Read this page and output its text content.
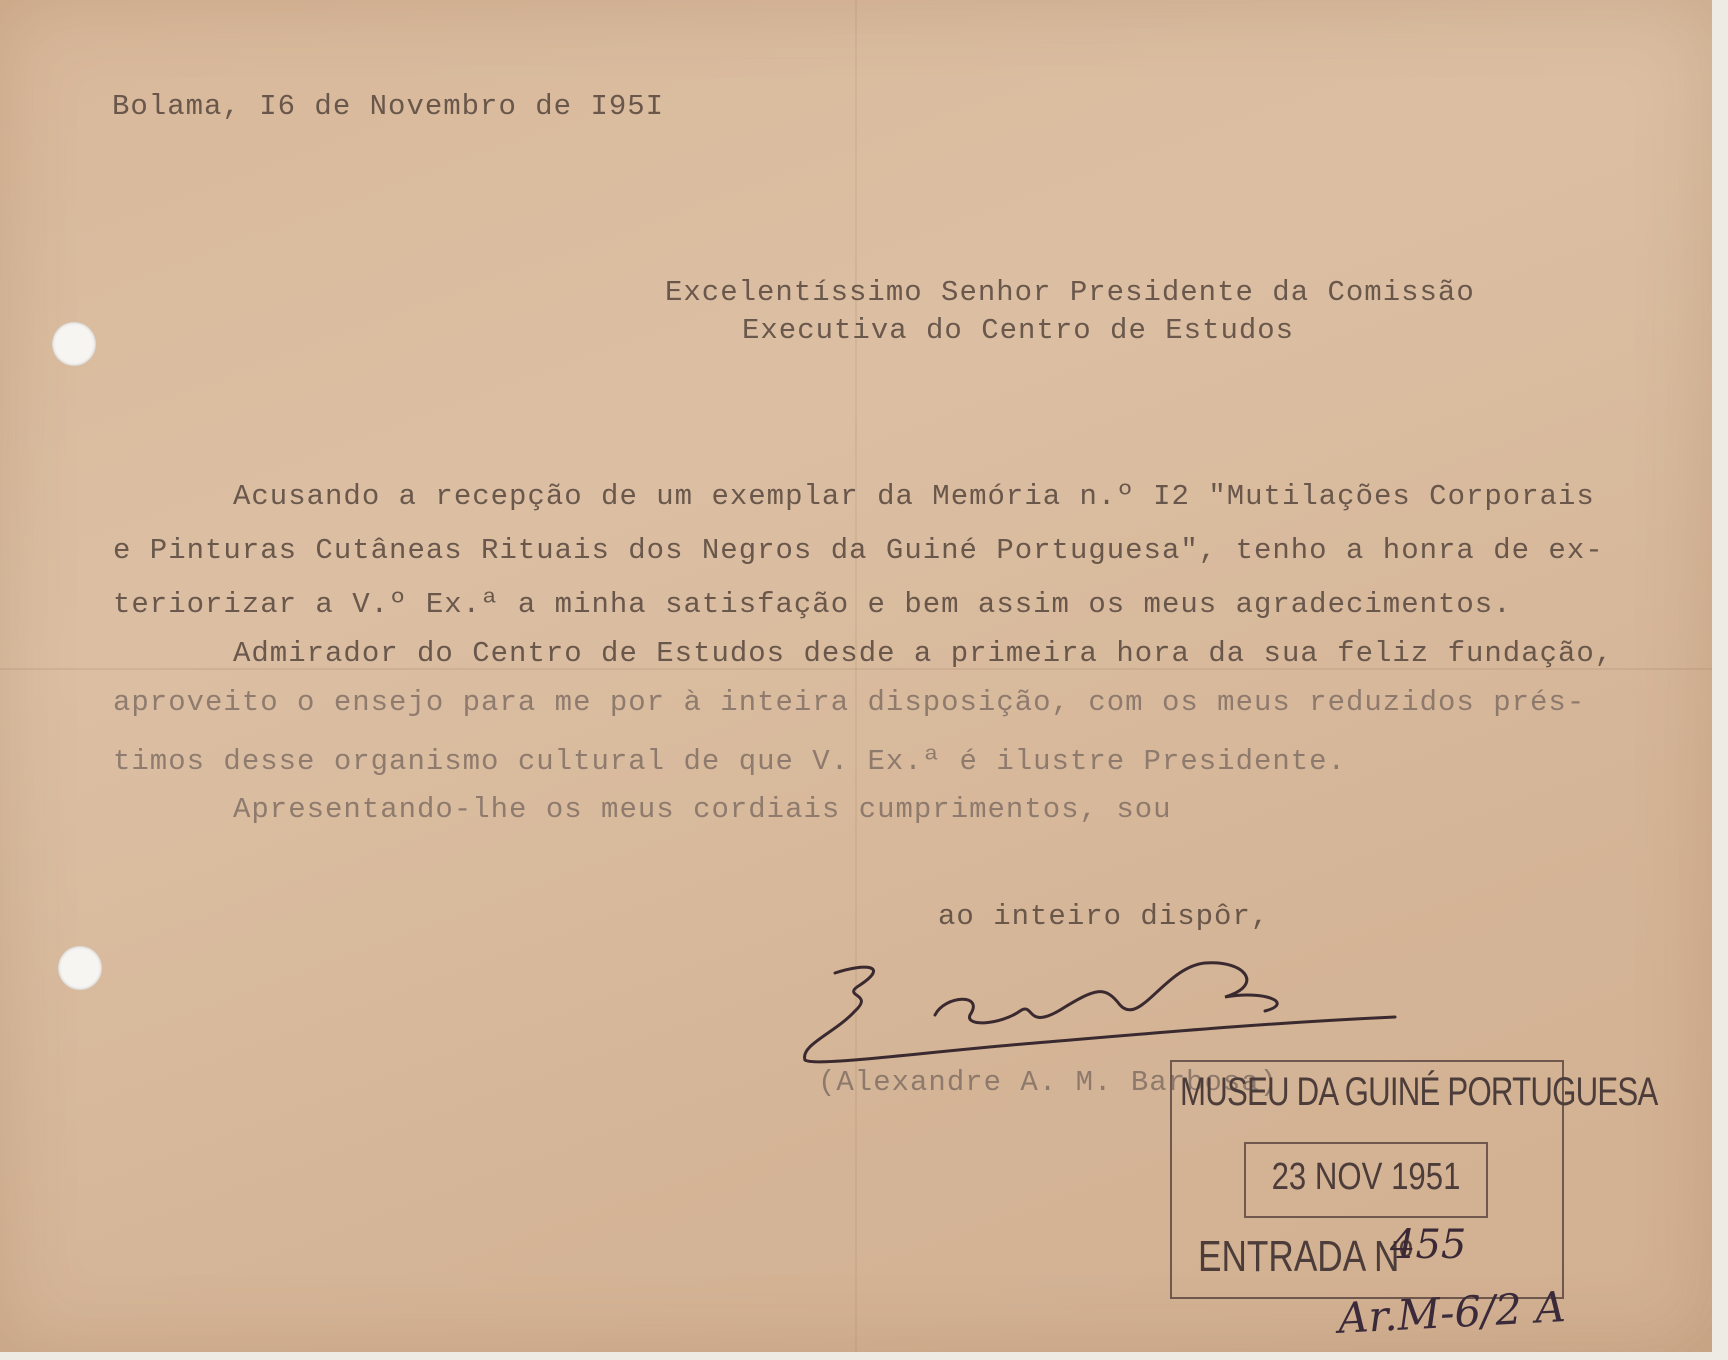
Bolama, I6 de Novembro de I95I

Excelentíssimo Senhor Presidente da Comissão

Executiva do Centro de Estudos

Acusando a recepção de um exemplar da Memória n.º I2 "Mutilações Corporais

e Pinturas Cutâneas Rituais dos Negros da Guiné Portuguesa", tenho a honra de ex-

teriorizar a V.º Ex.ª a minha satisfação e bem assim os meus agradecimentos.

Admirador do Centro de Estudos desde a primeira hora da sua feliz fundação,

aproveito o ensejo para me por à inteira disposição, com os meus reduzidos prés-

timos desse organismo cultural de que V. Ex.ª é ilustre Presidente.

Apresentando-lhe os meus cordiais cumprimentos, sou

ao inteiro dispôr,

(Alexandre A. M. Barbosa)

MUSEU DA GUINÉ PORTUGUESA
23 NOV 1951
ENTRADA Nº
455
Ar.M-6/2 A
